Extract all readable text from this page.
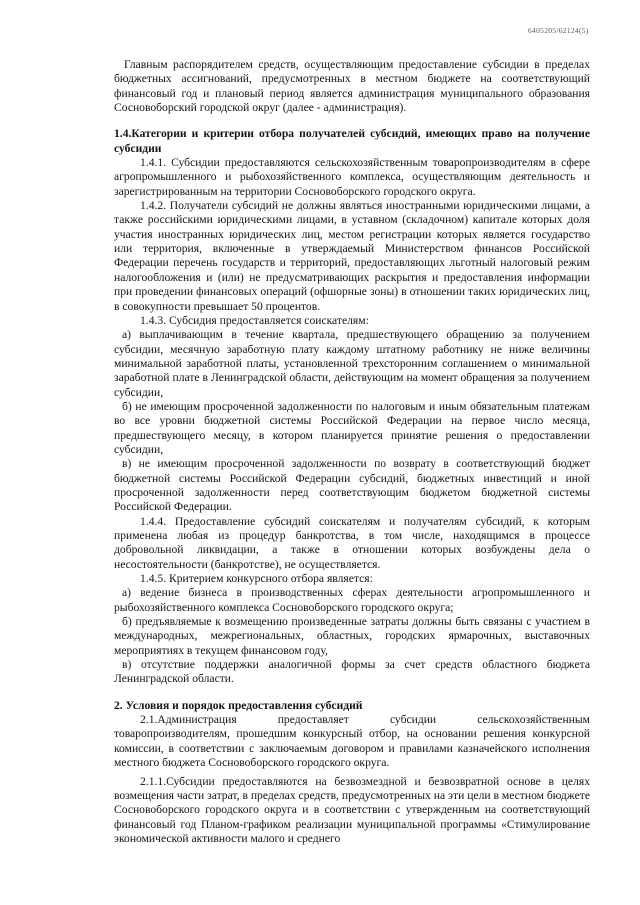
6405205/62124(5)

Главным распорядителем средств, осуществляющим предоставление субсидии в пределах бюджетных ассигнований, предусмотренных в местном бюджете на соответствующий финансовый год и плановый период является администрация муниципального образования Сосновоборский городской округ (далее - администрация).

1.4.Категории и критерии отбора получателей субсидий, имеющих право на получение субсидии

1.4.1. Субсидии предоставляются сельскохозяйственным товаропроизводителям в сфере агропромышленного и рыбохозяйственного комплекса, осуществляющим деятельность и зарегистрированным на территории Сосновоборского городского округа.

1.4.2. Получатели субсидий не должны являться иностранными юридическими лицами, а также российскими юридическими лицами, в уставном (складочном) капитале которых доля участия иностранных юридических лиц, местом регистрации которых является государство или территория, включенные в утверждаемый Министерством финансов Российской Федерации перечень государств и территорий, предоставляющих льготный налоговый режим налогообложения и (или) не предусматривающих раскрытия и предоставления информации при проведении финансовых операций (офшорные зоны) в отношении таких юридических лиц, в совокупности превышает 50 процентов.

1.4.3. Субсидия предоставляется соискателям:

а) выплачивающим в течение квартала, предшествующего обращению за получением субсидии, месячную заработную плату каждому штатному работнику не ниже величины минимальной заработной платы, установленной трехсторонним соглашением о минимальной заработной плате в Ленинградской области, действующим на момент обращения за получением субсидии,

б) не имеющим просроченной задолженности по налоговым и иным обязательным платежам во все уровни бюджетной системы Российской Федерации на первое число месяца, предшествующего месяцу, в котором планируется принятие решения о предоставлении субсидии,

в) не имеющим просроченной задолженности по возврату в соответствующий бюджет бюджетной системы Российской Федерации субсидий, бюджетных инвестиций и иной просроченной задолженности перед соответствующим бюджетом бюджетной системы Российской Федерации.

1.4.4. Предоставление субсидий соискателям и получателям субсидий, к которым применена любая из процедур банкротства, в том числе, находящимся в процессе добровольной ликвидации, а также в отношении которых возбуждены дела о несостоятельности (банкротстве), не осуществляется.

1.4.5. Критерием конкурсного отбора является:

а) ведение бизнеса в производственных сферах деятельности агропромышленного и рыбохозяйственного комплекса Сосновоборского городского округа;

б) предъявляемые к возмещению произведенные затраты должны быть связаны с участием в международных, межрегиональных, областных, городских ярмарочных, выставочных мероприятиях в текущем финансовом году,

в) отсутствие поддержки аналогичной формы за счет средств областного бюджета Ленинградской области.

2. Условия и порядок предоставления субсидий

2.1.Администрация предоставляет субсидии сельскохозяйственным товаропроизводителям, прошедшим конкурсный отбор, на основании решения конкурсной комиссии, в соответствии с заключаемым договором и правилами казначейского исполнения местного бюджета Сосновоборского городского округа.

2.1.1.Субсидии предоставляются на безвозмездной и безвозвратной основе в целях возмещения части затрат, в пределах средств, предусмотренных на эти цели в местном бюджете Сосновоборского городского округа и в соответствии с утвержденным на соответствующий финансовый год Планом-графиком реализации муниципальной программы «Стимулирование экономической активности малого и среднего
